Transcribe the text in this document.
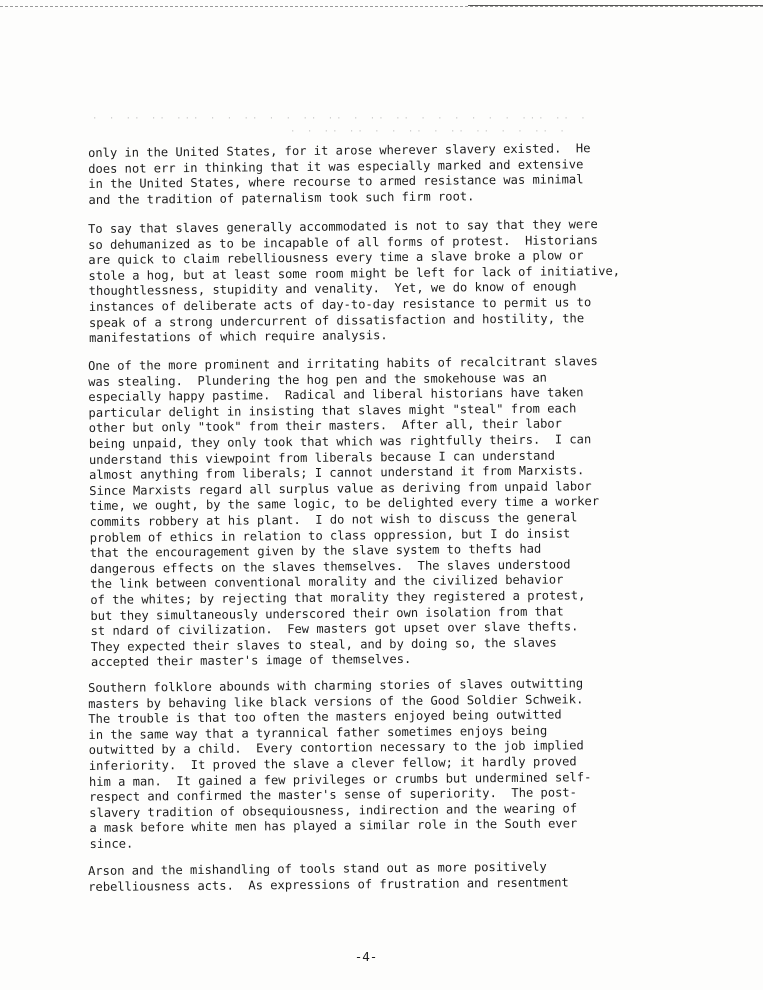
· · ·· ·· ··· · · ·· · · ·· ·· · ·· ·· · · · · · · ··· ·· ·
· · ·· ·· · · ·· · ·· ·· · · ·· ·
only in the United States, for it arose wherever slavery existed.  He
does not err in thinking that it was especially marked and extensive
in the United States, where recourse to armed resistance was minimal
and the tradition of paternalism took such firm root.
To say that slaves generally accommodated is not to say that they were
so dehumanized as to be incapable of all forms of protest.  Historians
are quick to claim rebelliousness every time a slave broke a plow or
stole a hog, but at least some room might be left for lack of initiative,
thoughtlessness, stupidity and venality.  Yet, we do know of enough
instances of deliberate acts of day-to-day resistance to permit us to
speak of a strong undercurrent of dissatisfaction and hostility, the
manifestations of which require analysis.
One of the more prominent and irritating habits of recalcitrant slaves
was stealing.  Plundering the hog pen and the smokehouse was an
especially happy pastime.  Radical and liberal historians have taken
particular delight in insisting that slaves might "steal" from each
other but only "took" from their masters.  After all, their labor
being unpaid, they only took that which was rightfully theirs.  I can
understand this viewpoint from liberals because I can understand
almost anything from liberals; I cannot understand it from Marxists.
Since Marxists regard all surplus value as deriving from unpaid labor
time, we ought, by the same logic, to be delighted every time a worker
commits robbery at his plant.  I do not wish to discuss the general
problem of ethics in relation to class oppression, but I do insist
that the encouragement given by the slave system to thefts had
dangerous effects on the slaves themselves.  The slaves understood
the link between conventional morality and the civilized behavior
of the whites; by rejecting that morality they registered a protest,
but they simultaneously underscored their own isolation from that
st ndard of civilization.  Few masters got upset over slave thefts.
They expected their slaves to steal, and by doing so, the slaves
accepted their master's image of themselves.
Southern folklore abounds with charming stories of slaves outwitting
masters by behaving like black versions of the Good Soldier Schweik.
The trouble is that too often the masters enjoyed being outwitted
in the same way that a tyrannical father sometimes enjoys being
outwitted by a child.  Every contortion necessary to the job implied
inferiority.  It proved the slave a clever fellow; it hardly proved
him a man.  It gained a few privileges or crumbs but undermined self-
respect and confirmed the master's sense of superiority.  The post-
slavery tradition of obsequiousness, indirection and the wearing of
a mask before white men has played a similar role in the South ever
since.
Arson and the mishandling of tools stand out as more positively
rebelliousness acts.  As expressions of frustration and resentment
-4-
